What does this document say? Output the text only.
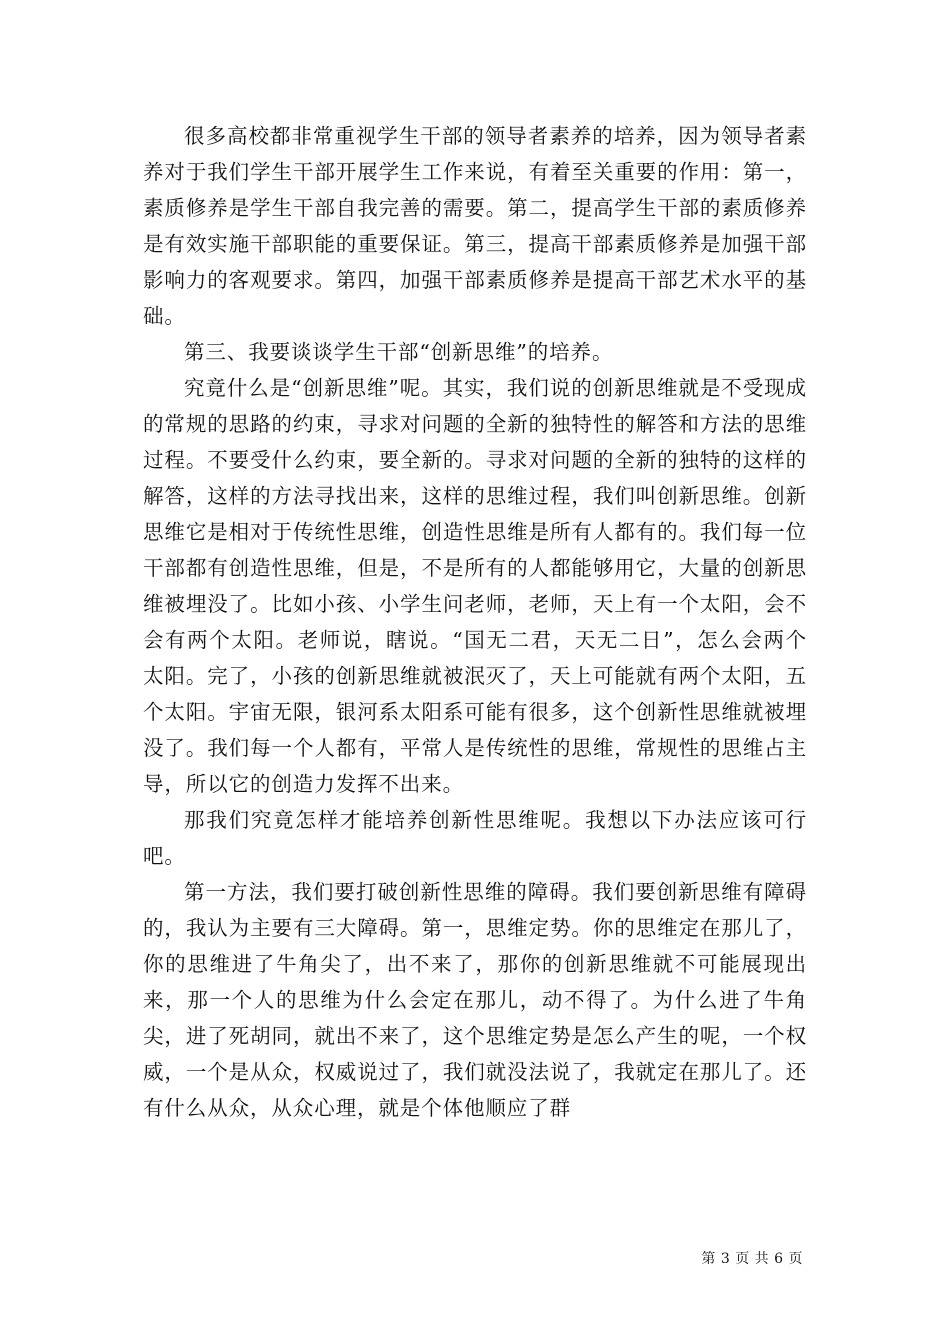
很多高校都非常重视学生干部的领导者素养的培养，因为领导者素养对于我们学生干部开展学生工作来说，有着至关重要的作用：第一，素质修养是学生干部自我完善的需要。第二，提高学生干部的素质修养是有效实施干部职能的重要保证。第三，提高干部素质修养是加强干部影响力的客观要求。第四，加强干部素质修养是提高干部艺术水平的基础。

第三、我要谈谈学生干部“创新思维”的培养。

究竟什么是“创新思维”呢。其实，我们说的创新思维就是不受现成的常规的思路的约束，寻求对问题的全新的独特性的解答和方法的思维过程。不要受什么约束，要全新的。寻求对问题的全新的独特的这样的解答，这样的方法寻找出来，这样的思维过程，我们叫创新思维。创新思维它是相对于传统性思维，创造性思维是所有人都有的。我们每一位干部都有创造性思维，但是，不是所有的人都能够用它，大量的创新思维被埋没了。比如小孩、小学生问老师，老师，天上有一个太阳，会不会有两个太阳。老师说，瞎说。“国无二君，天无二日”，怎么会两个太阳。完了，小孩的创新思维就被泯灭了，天上可能就有两个太阳，五个太阳。宇宙无限，银河系太阳系可能有很多，这个创新性思维就被埋没了。我们每一个人都有，平常人是传统性的思维，常规性的思维占主导，所以它的创造力发挥不出来。

那我们究竟怎样才能培养创新性思维呢。我想以下办法应该可行吧。

第一方法，我们要打破创新性思维的障碍。我们要创新思维有障碍的，我认为主要有三大障碍。第一，思维定势。你的思维定在那儿了，你的思维进了牛角尖了，出不来了，那你的创新思维就不可能展现出来，那一个人的思维为什么会定在那儿，动不得了。为什么进了牛角尖，进了死胡同，就出不来了，这个思维定势是怎么产生的呢，一个权威，一个是从众，权威说过了，我们就没法说了，我就定在那儿了。还有什么从众，从众心理，就是个体他顺应了群

第 3 页 共 6 页
